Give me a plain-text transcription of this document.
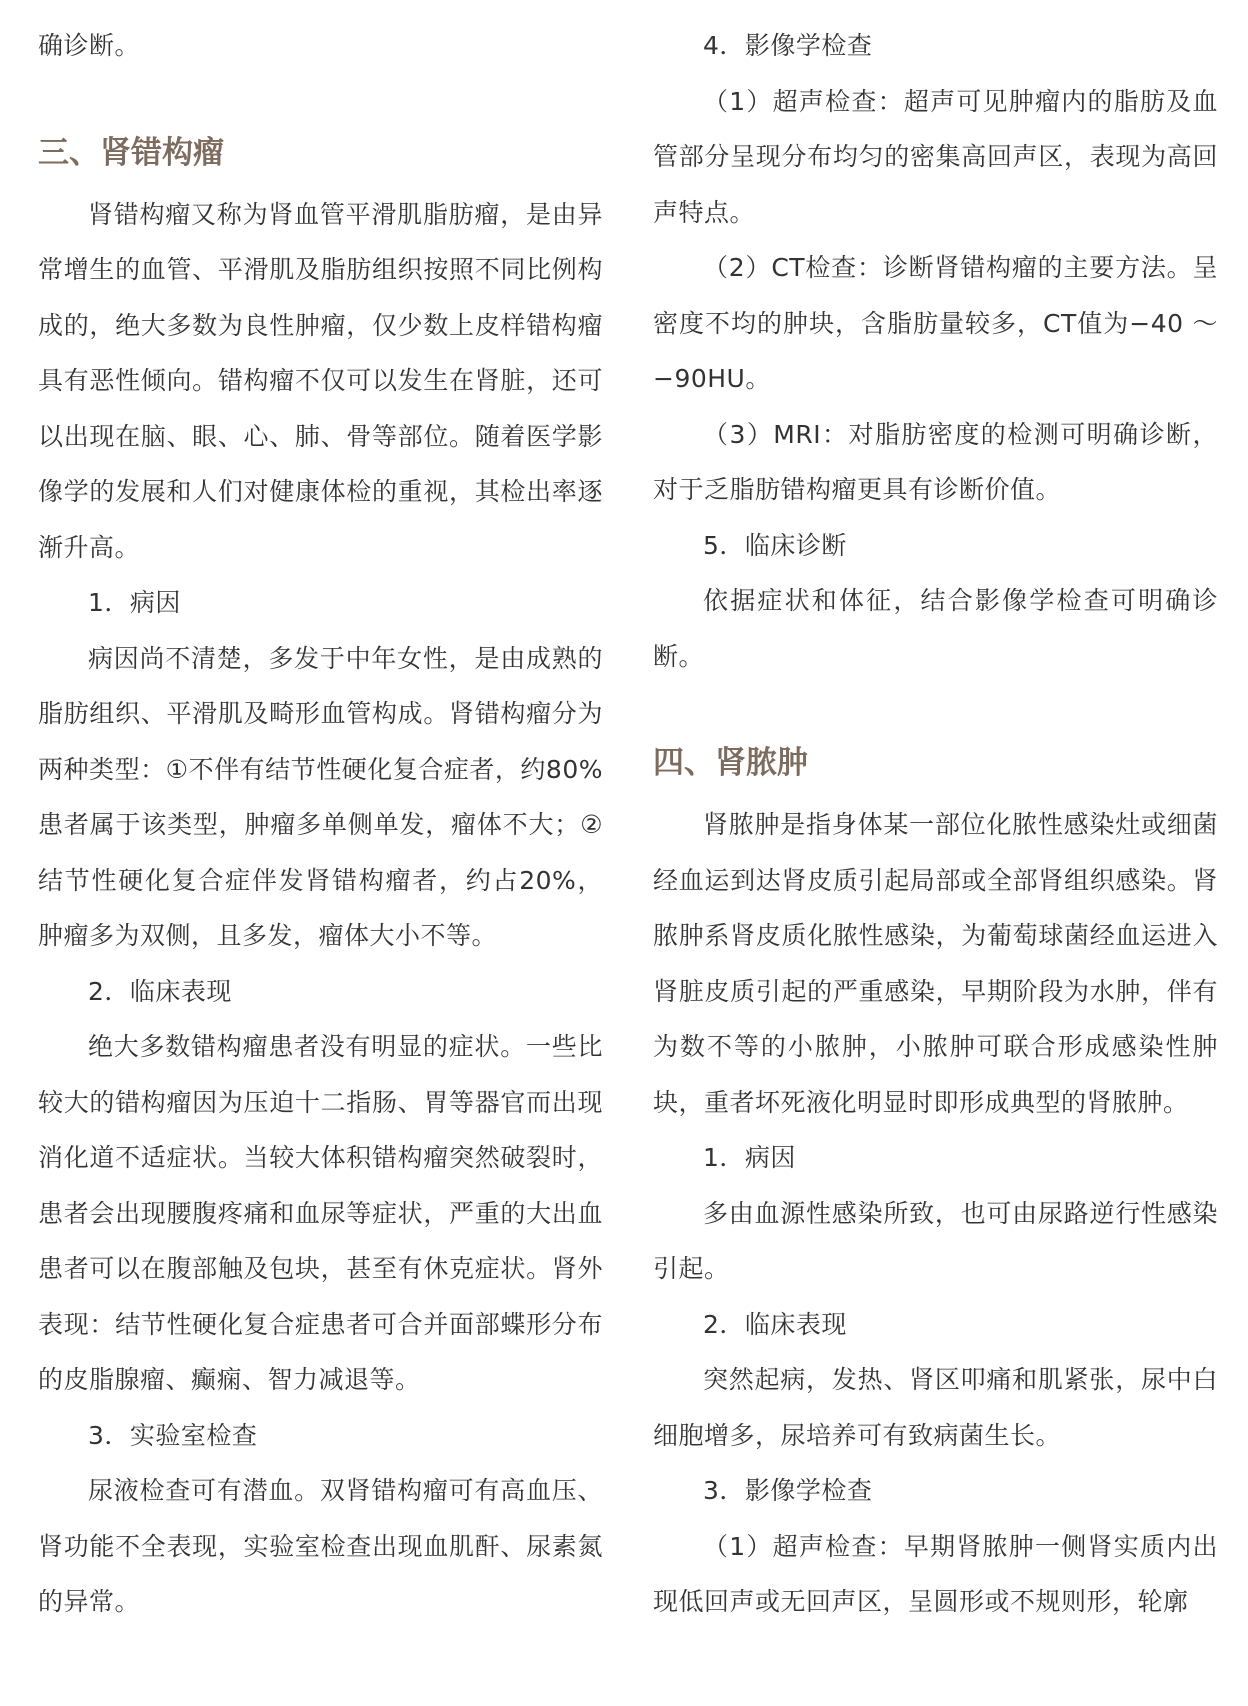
确诊断。

三、肾错构瘤

肾错构瘤又称为肾血管平滑肌脂肪瘤，是由异常增生的血管、平滑肌及脂肪组织按照不同比例构成的，绝大多数为良性肿瘤，仅少数上皮样错构瘤具有恶性倾向。错构瘤不仅可以发生在肾脏，还可以出现在脑、眼、心、肺、骨等部位。随着医学影像学的发展和人们对健康体检的重视，其检出率逐渐升高。

1．病因

病因尚不清楚，多发于中年女性，是由成熟的脂肪组织、平滑肌及畸形血管构成。肾错构瘤分为两种类型：①不伴有结节性硬化复合症者，约80%患者属于该类型，肿瘤多单侧单发，瘤体不大；②结节性硬化复合症伴发肾错构瘤者，约占20%，肿瘤多为双侧，且多发，瘤体大小不等。

2．临床表现

绝大多数错构瘤患者没有明显的症状。一些比较大的错构瘤因为压迫十二指肠、胃等器官而出现消化道不适症状。当较大体积错构瘤突然破裂时，患者会出现腰腹疼痛和血尿等症状，严重的大出血患者可以在腹部触及包块，甚至有休克症状。肾外表现：结节性硬化复合症患者可合并面部蝶形分布的皮脂腺瘤、癫痫、智力减退等。

3．实验室检查

尿液检查可有潜血。双肾错构瘤可有高血压、肾功能不全表现，实验室检查出现血肌酐、尿素氮的异常。

4．影像学检查

（1）超声检查：超声可见肿瘤内的脂肪及血管部分呈现分布均匀的密集高回声区，表现为高回声特点。

（2）CT检查：诊断肾错构瘤的主要方法。呈密度不均的肿块，含脂肪量较多，CT值为−40 ～ −90HU。

（3）MRI：对脂肪密度的检测可明确诊断，对于乏脂肪错构瘤更具有诊断价值。

5．临床诊断

依据症状和体征，结合影像学检查可明确诊断。

四、肾脓肿

肾脓肿是指身体某一部位化脓性感染灶或细菌经血运到达肾皮质引起局部或全部肾组织感染。肾脓肿系肾皮质化脓性感染，为葡萄球菌经血运进入肾脏皮质引起的严重感染，早期阶段为水肿，伴有为数不等的小脓肿，小脓肿可联合形成感染性肿块，重者坏死液化明显时即形成典型的肾脓肿。

1．病因

多由血源性感染所致，也可由尿路逆行性感染引起。

2．临床表现

突然起病，发热、肾区叩痛和肌紧张，尿中白细胞增多，尿培养可有致病菌生长。

3．影像学检查

（1）超声检查：早期肾脓肿一侧肾实质内出现低回声或无回声区，呈圆形或不规则形，轮廓
